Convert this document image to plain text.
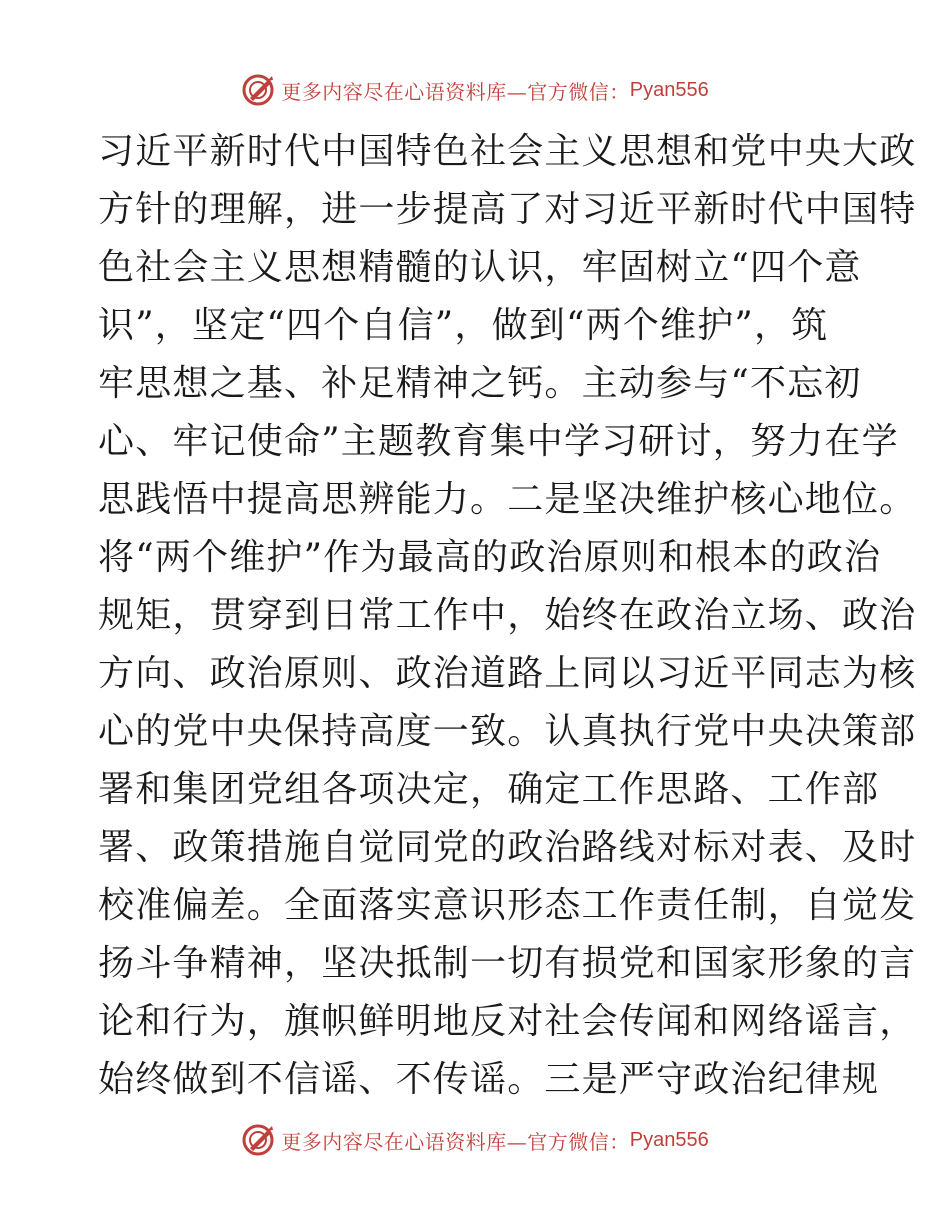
更多内容尽在心语资料库—官方微信： Pyan556
习近平新时代中国特色社会主义思想和党中央大政
方针的理解，进一步提高了对习近平新时代中国特
色社会主义思想精髓的认识，牢固树立“四个意
识”，坚定“四个自信”，做到“两个维护”，筑
牢思想之基、补足精神之钙。主动参与“不忘初
心、牢记使命”主题教育集中学习研讨，努力在学
思践悟中提高思辨能力。二是坚决维护核心地位。
将“两个维护”作为最高的政治原则和根本的政治
规矩，贯穿到日常工作中，始终在政治立场、政治
方向、政治原则、政治道路上同以习近平同志为核
心的党中央保持高度一致。认真执行党中央决策部
署和集团党组各项决定，确定工作思路、工作部
署、政策措施自觉同党的政治路线对标对表、及时
校准偏差。全面落实意识形态工作责任制，自觉发
扬斗争精神，坚决抵制一切有损党和国家形象的言
论和行为，旗帜鲜明地反对社会传闻和网络谣言，
始终做到不信谣、不传谣。三是严守政治纪律规
更多内容尽在心语资料库—官方微信： Pyan556
